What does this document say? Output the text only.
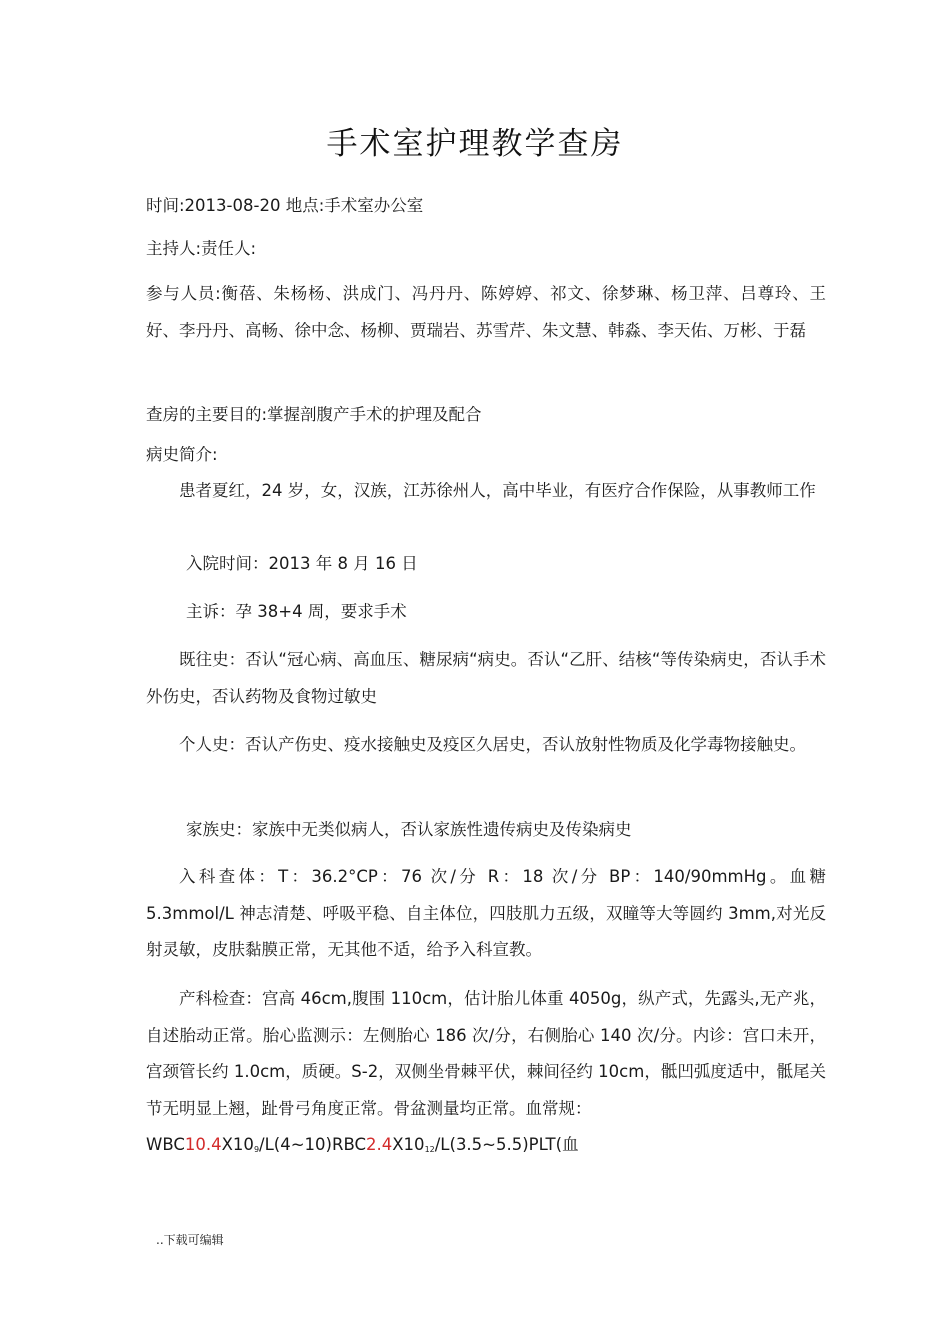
手术室护理教学查房
时间:2013-08-20 地点:手术室办公室
主持人:责任人:
参与人员:衡蓓、朱杨杨、洪成门、冯丹丹、陈婷婷、祁文、徐梦琳、杨卫萍、吕尊玲、王好、李丹丹、高畅、徐中念、杨柳、贾瑞岩、苏雪芹、朱文慧、韩淼、李天佑、万彬、于磊
查房的主要目的:掌握剖腹产手术的护理及配合
病史简介:
患者夏红，24 岁，女，汉族，江苏徐州人，高中毕业，有医疗合作保险，从事教师工作
入院时间：2013 年 8 月 16 日
主诉：孕 38+4 周，要求手术
既往史：否认“冠心病、高血压、糖尿病“病史。否认“乙肝、结核“等传染病史，否认手术外伤史，否认药物及食物过敏史
个人史：否认产伤史、疫水接触史及疫区久居史，否认放射性物质及化学毒物接触史。
家族史：家族中无类似病人，否认家族性遗传病史及传染病史
入科查体：T：36.2°CP：76 次/分 R：18 次/分 BP：140/90mmHg。血糖 5.3mmol/L 神志清楚、呼吸平稳、自主体位，四肢肌力五级，双瞳等大等圆约 3mm,对光反射灵敏，皮肤黏膜正常，无其他不适，给予入科宣教。
产科检查：宫高 46cm,腹围 110cm，估计胎儿体重 4050g，纵产式，先露头,无产兆，自述胎动正常。胎心监测示：左侧胎心 186 次/分，右侧胎心 140 次/分。内诊：宫口未开，宫颈管长约 1.0cm，质硬。S-2，双侧坐骨棘平伏，棘间径约 10cm，骶凹弧度适中，骶尾关节无明显上翘，趾骨弓角度正常。骨盆测量均正常。血常规：
$WBC10.4X10_9/L(4\sim 10)RBC2.4X10_{12}/L(3.5\sim 5.5)PLT$(血
..下载可编辑
